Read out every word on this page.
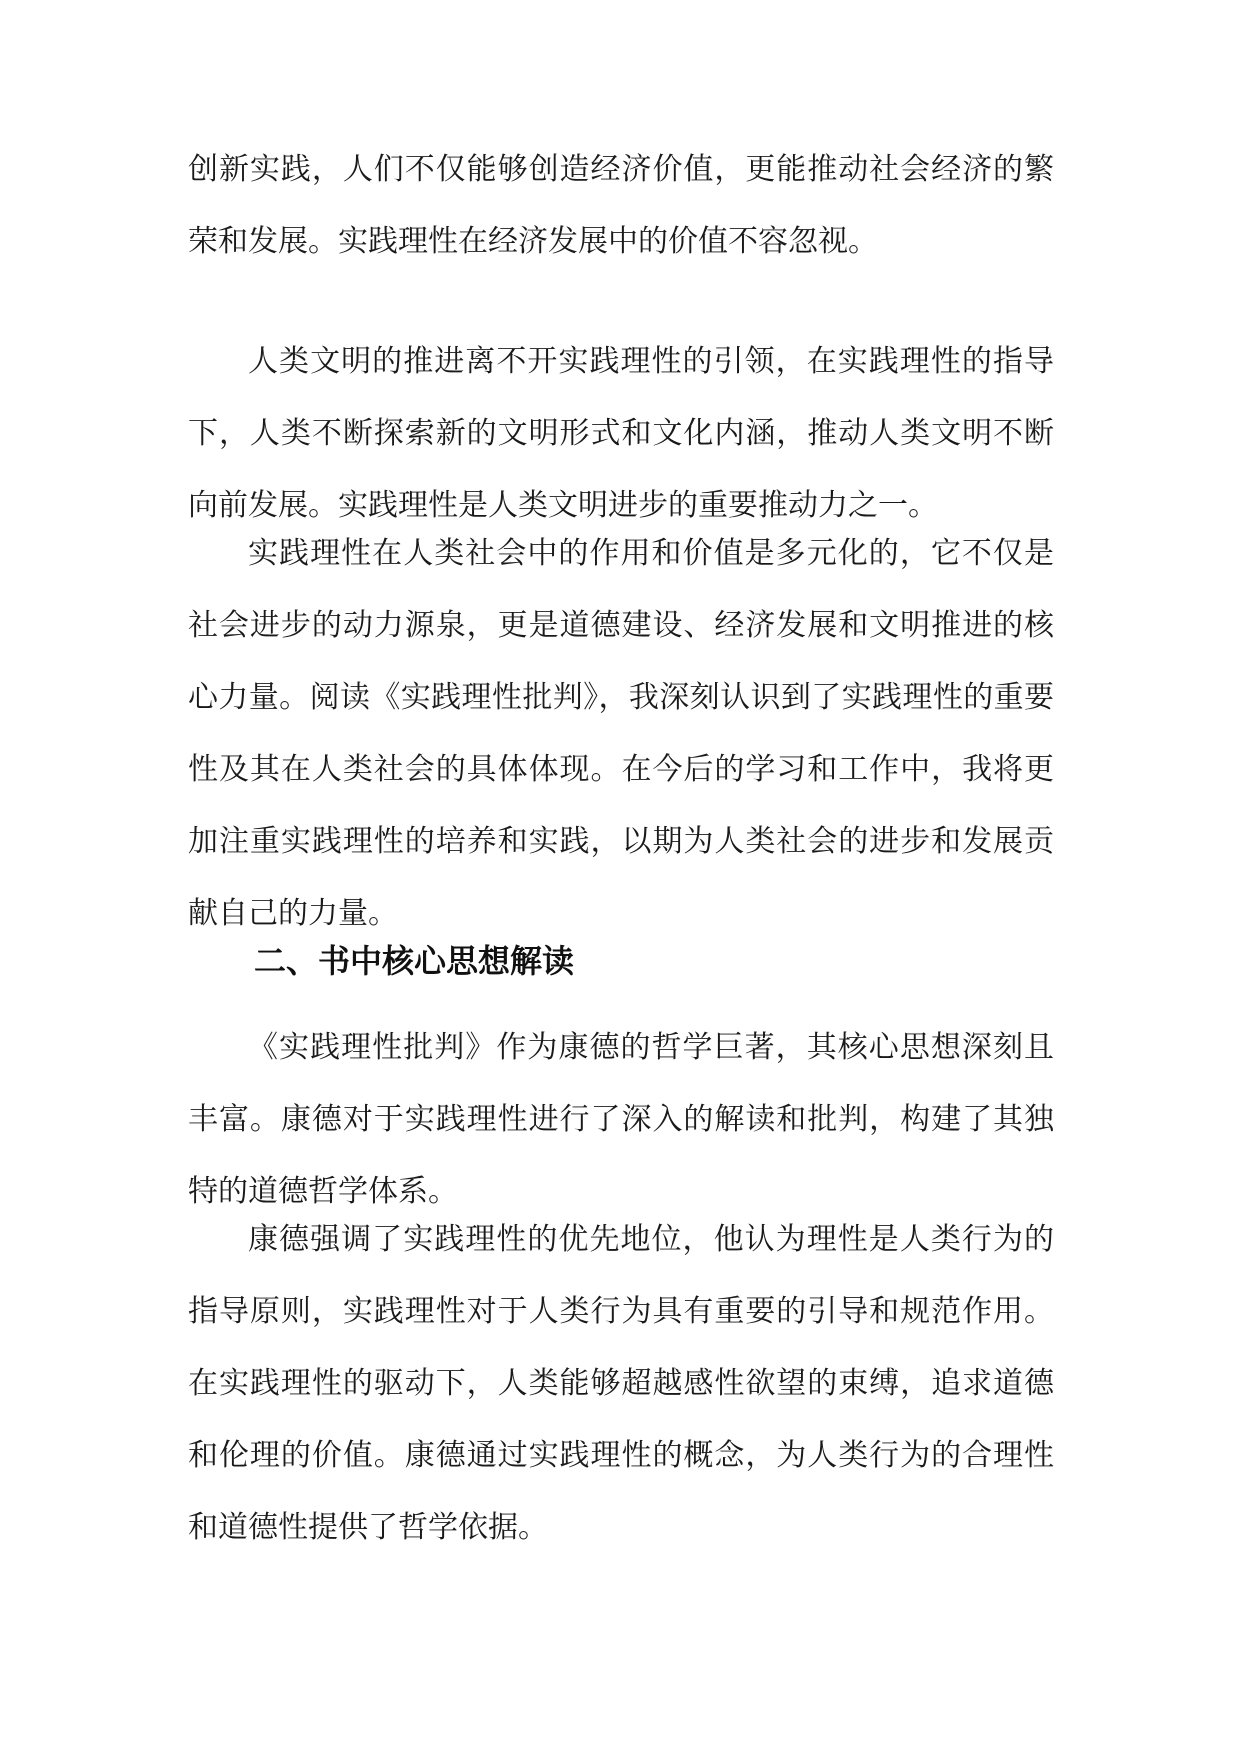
创新实践，人们不仅能够创造经济价值，更能推动社会经济的繁荣和发展。实践理性在经济发展中的价值不容忽视。

人类文明的推进离不开实践理性的引领，在实践理性的指导下，人类不断探索新的文明形式和文化内涵，推动人类文明不断向前发展。实践理性是人类文明进步的重要推动力之一。

实践理性在人类社会中的作用和价值是多元化的，它不仅是社会进步的动力源泉，更是道德建设、经济发展和文明推进的核心力量。阅读《实践理性批判》，我深刻认识到了实践理性的重要性及其在人类社会的具体体现。在今后的学习和工作中，我将更加注重实践理性的培养和实践，以期为人类社会的进步和发展贡献自己的力量。

二、书中核心思想解读

《实践理性批判》作为康德的哲学巨著，其核心思想深刻且丰富。康德对于实践理性进行了深入的解读和批判，构建了其独特的道德哲学体系。

康德强调了实践理性的优先地位，他认为理性是人类行为的指导原则，实践理性对于人类行为具有重要的引导和规范作用。在实践理性的驱动下，人类能够超越感性欲望的束缚，追求道德和伦理的价值。康德通过实践理性的概念，为人类行为的合理性和道德性提供了哲学依据。
